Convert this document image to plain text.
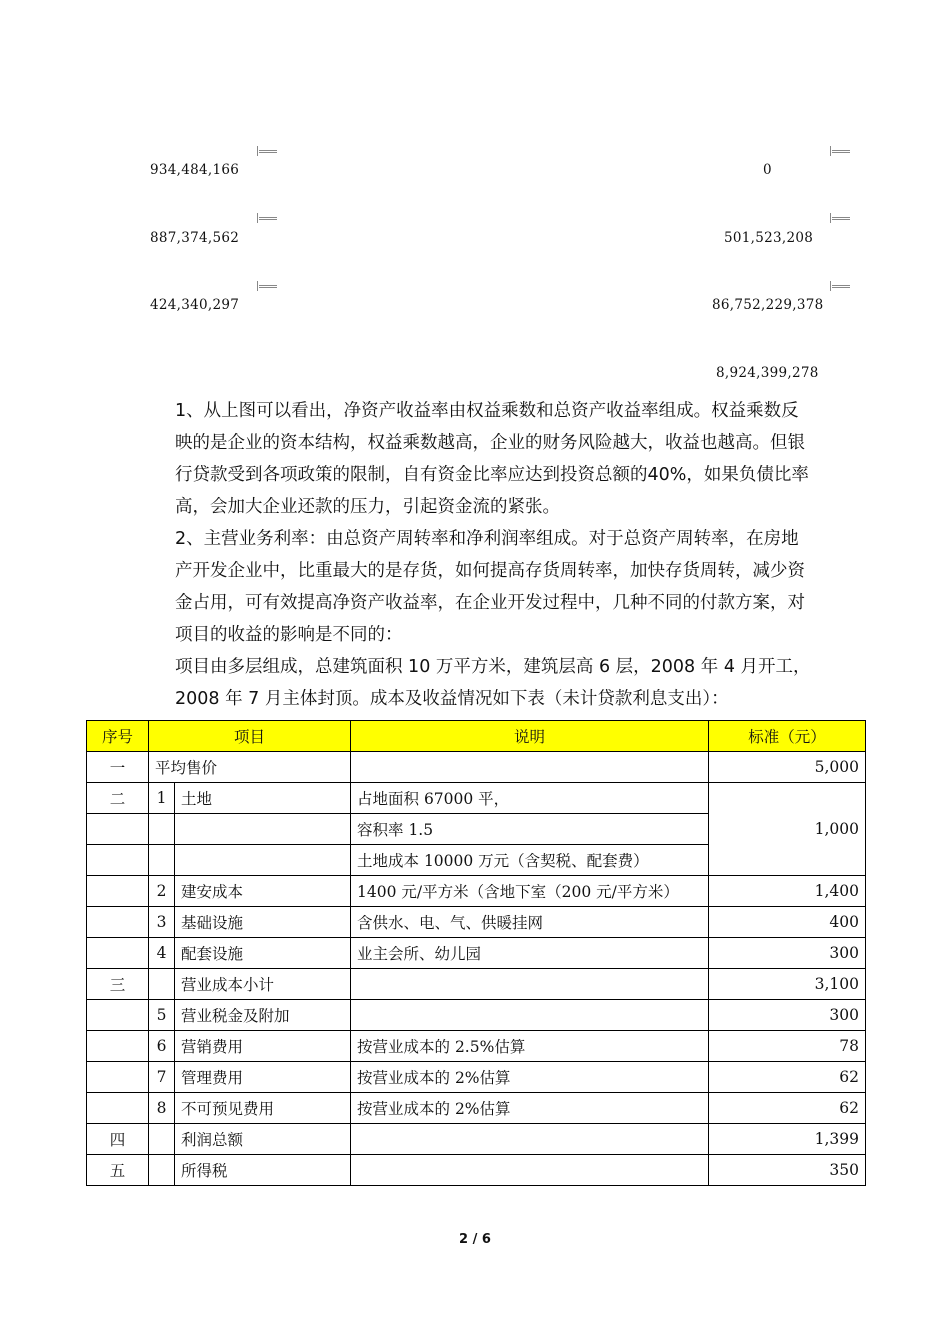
934,484,166	0
887,374,562	501,523,208
424,340,297	86,752,229,378
8,924,399,278

1、从上图可以看出，净资产收益率由权益乘数和总资产收益率组成。权益乘数反映的是企业的资本结构，权益乘数越高，企业的财务风险越大，收益也越高。但银行贷款受到各项政策的限制，自有资金比率应达到投资总额的40%，如果负债比率高，会加大企业还款的压力，引起资金流的紧张。

2、主营业务利率：由总资产周转率和净利润率组成。对于总资产周转率，在房地产开发企业中，比重最大的是存货，如何提高存货周转率，加快存货周转，减少资金占用，可有效提高净资产收益率，在企业开发过程中，几种不同的付款方案，对项目的收益的影响是不同的：

项目由多层组成，总建筑面积 10 万平方米，建筑层高 6 层，2008 年 4 月开工，2008 年 7 月主体封顶。成本及收益情况如下表（未计贷款利息支出）：

序号	项目		说明	标准（元）
一	平均售价			5,000
二	1	土地	占地面积 67000 平，	1,000
			容积率 1.5	
			土地成本 10000 万元（含契税、配套费）	
	2	建安成本	1400 元/平方米（含地下室（200 元/平方米）	1,400
	3	基础设施	含供水、电、气、供暖挂网	400
	4	配套设施	业主会所、幼儿园	300
三		营业成本小计		3,100
	5	营业税金及附加		300
	6	营销费用	按营业成本的 2.5%估算	78
	7	管理费用	按营业成本的 2%估算	62
	8	不可预见费用	按营业成本的 2%估算	62
四		利润总额		1,399
五		所得税		350
2 / 6
